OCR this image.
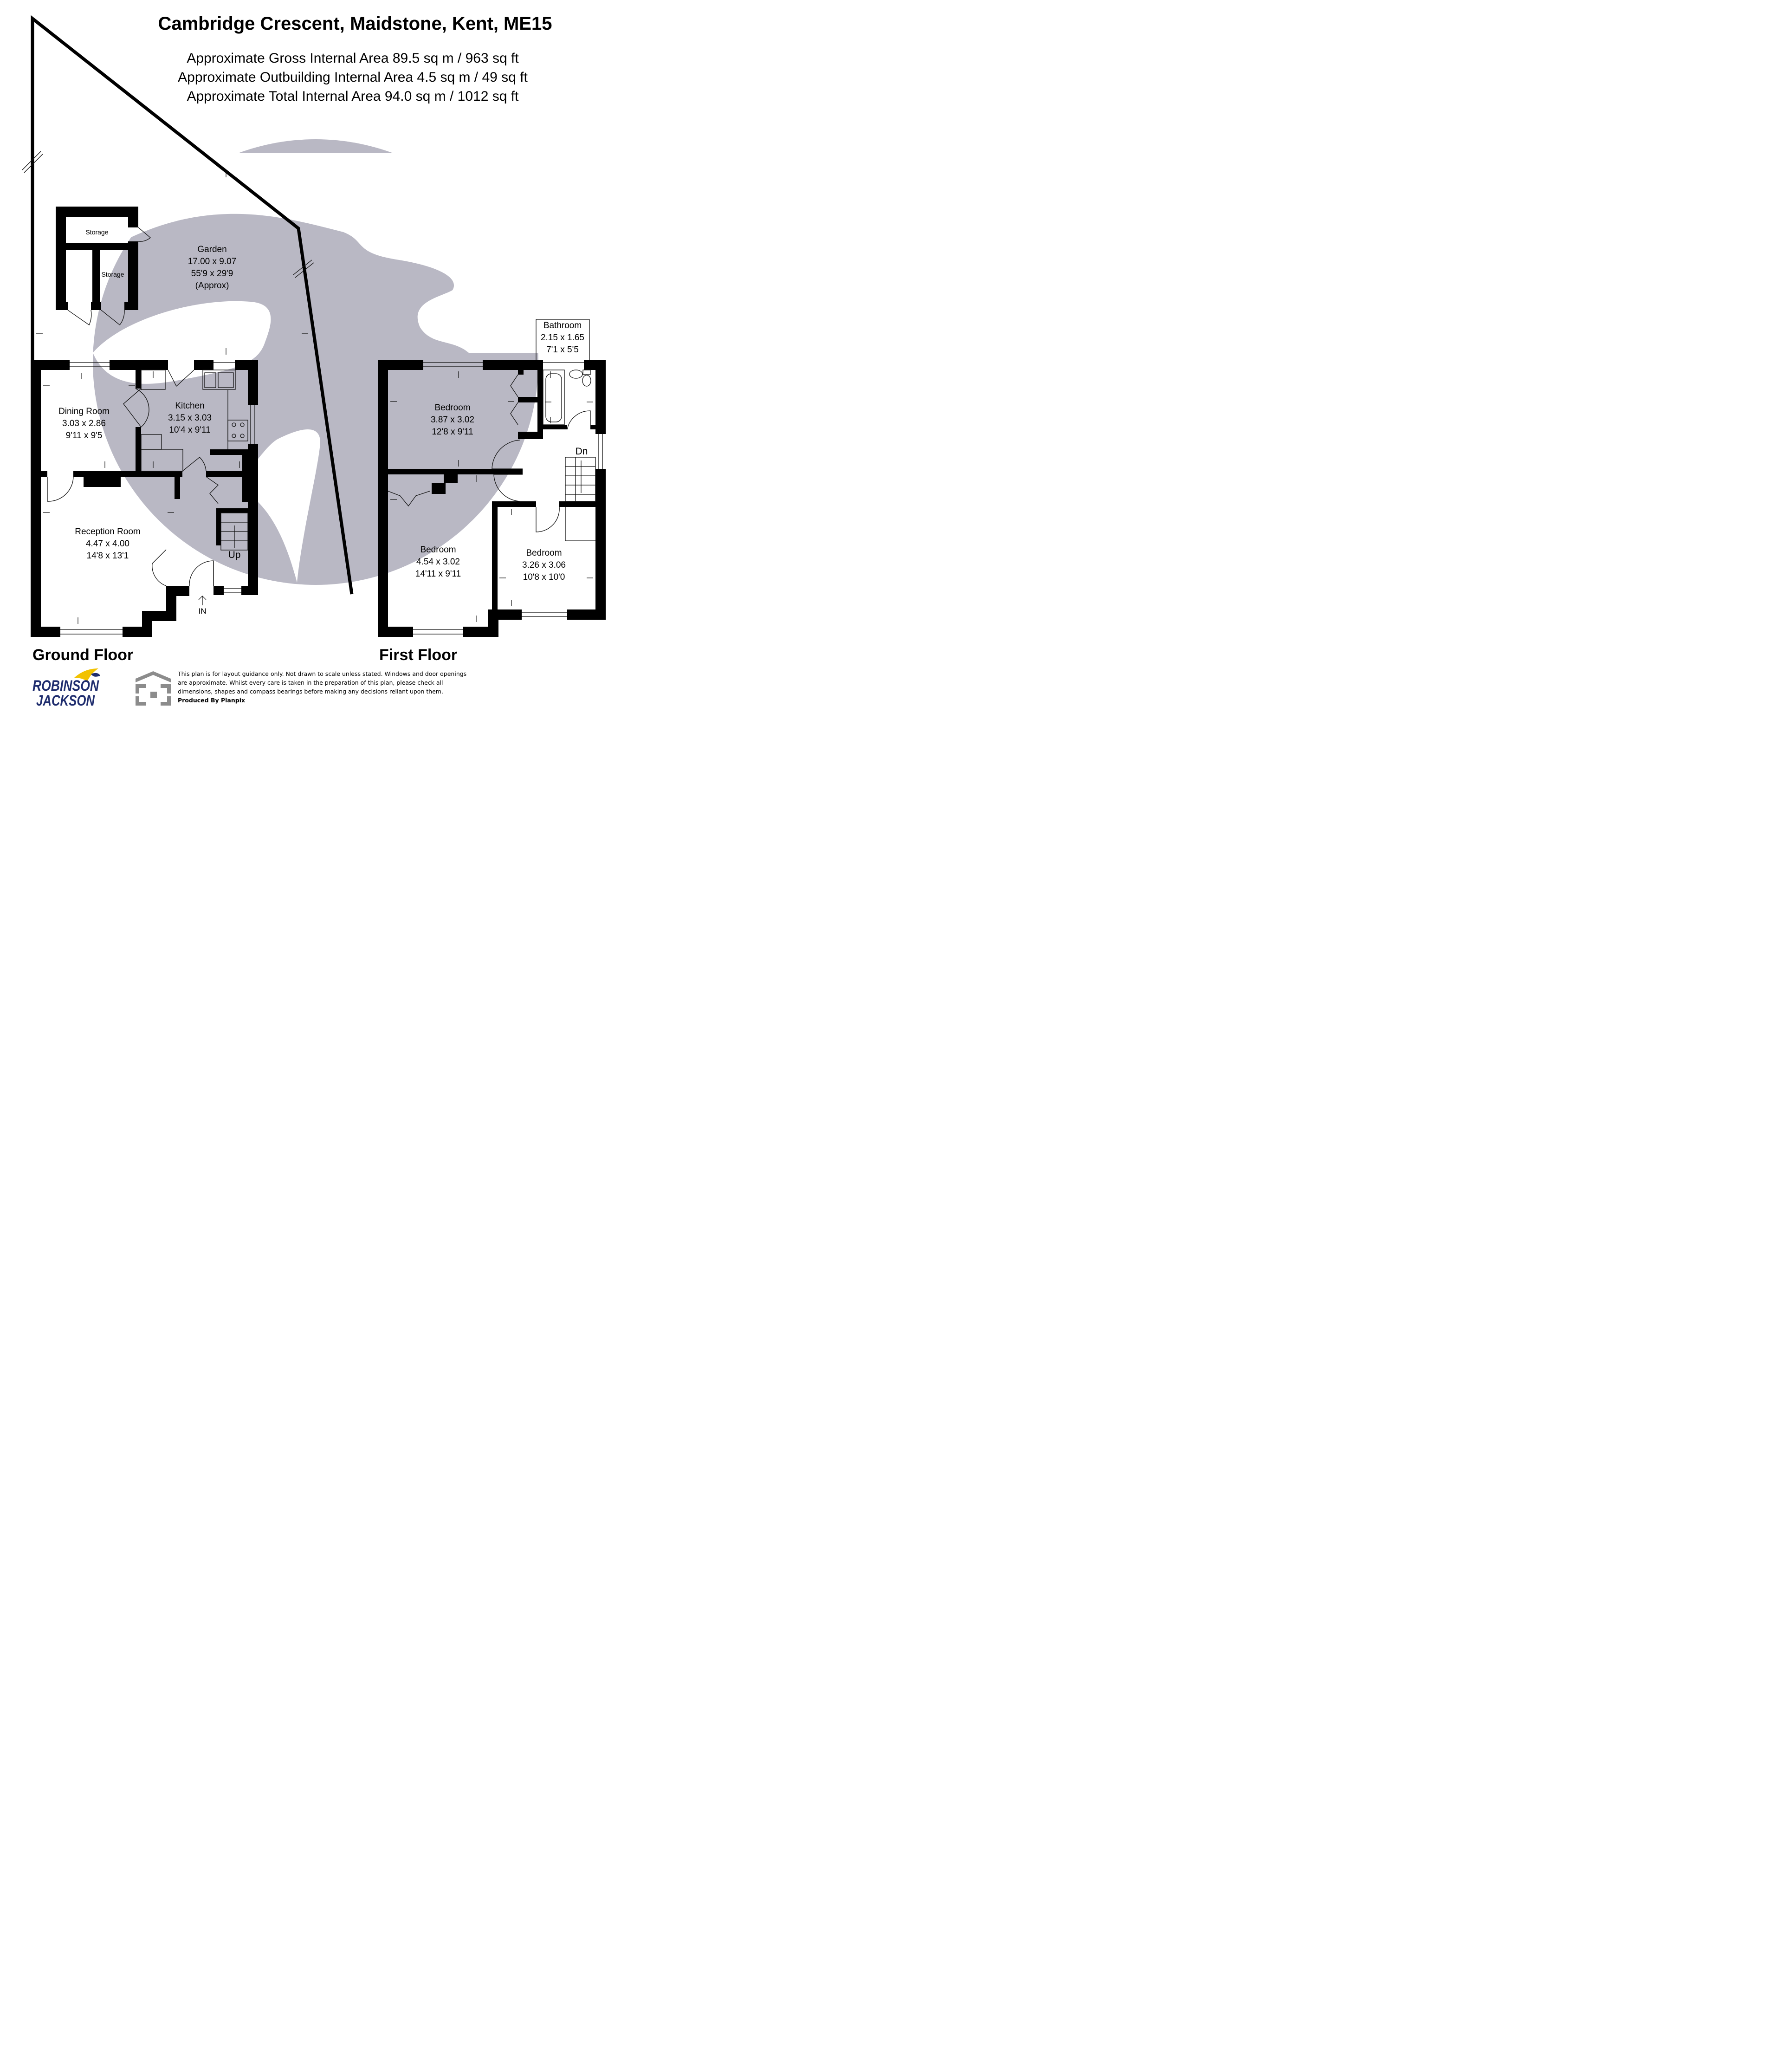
Cambridge Crescent, Maidstone, Kent, ME15
Approximate Gross Internal Area 89.5 sq m / 963 sq ft
Approximate Outbuilding Internal Area 4.5 sq m / 49 sq ft
Approximate Total Internal Area 94.0 sq m / 1012 sq ft
Storage
Storage
Garden
17.00 x 9.07
55'9 x 29'9
(Approx)
Dining Room
3.03 x 2.86
9'11 x 9'5
Kitchen
3.15 x 3.03
10'4 x 9'11
Reception Room
4.47 x 4.00
14'8 x 13'1	Up
IN
Bathroom
2.15 x 1.65
7'1 x 5'5
Bedroom
3.87 x 3.02
12'8 x 9'11
Bedroom
4.54 x 3.02
14'11 x 9'11
Bedroom
3.26 x 3.06
10'8 x 10'0
Dn
Ground Floor	First Floor
ROBINSON
JACKSON
This plan is for layout guidance only. Not drawn to scale unless stated. Windows and door openings
are approximate. Whilst every care is taken in the preparation of this plan, please check all
dimensions, shapes and compass bearings before making any decisions reliant upon them.
Produced By Planpix
